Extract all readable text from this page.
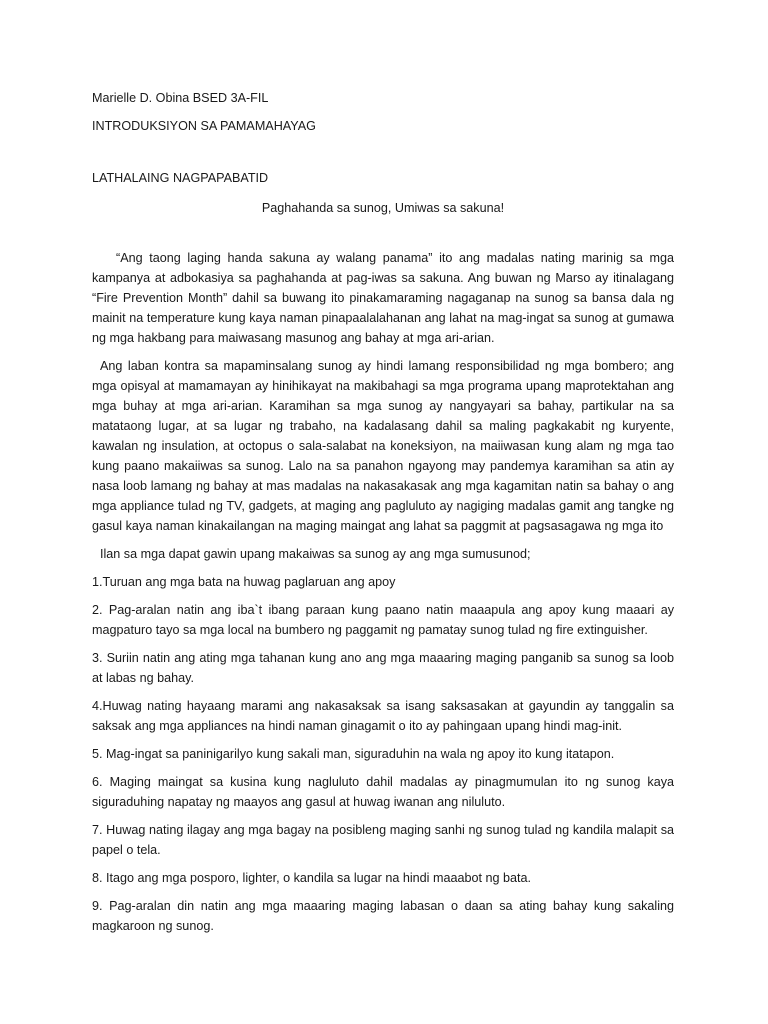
Marielle D. Obina BSED 3A-FIL

INTRODUKSIYON SA PAMAMAHAYAG

LATHALAING NAGPAPABATID

Paghahanda sa sunog, Umiwas sa sakuna!

“Ang taong laging handa sakuna ay walang panama” ito ang madalas natіng marinig sa mga kampanya at adbokasiya sa paghahanda at pag-iwas sa sakuna. Ang buwan ng Marso ay itіnalagang “Fire Preventіon Month” dahil sa buwang ito pinakamaraming nagaganap na sunog sa bansa dala ng mainit na temperature kung kaya naman pinapaalalahanan ang lahat na mag-ingat sa sunog at gumawa ng mga hakbang para maiwasang masunog ang bahay at mga ari-arian.

Ang laban kontra sa mapaminsalang sunog ay hindi lamang responsibilidad ng mga bombero; ang mga opisyal at mamamayan ay hinihikayat na makibahagi sa mga programa upang maprotektahan ang mga buhay at mga ari-arian. Karamihan sa mga sunog ay nangyayari sa bahay, partіkular na sa matataong lugar, at sa lugar ng trabaho, na kadalasang dahil sa maling pagkakabit ng kuryente, kawalan ng insulatіon, at octopus o sala-salabat na koneksiyon, na maiiwasan kung alam ng mga tao kung paano makaiiwas sa sunog. Lalo na sa panahon ngayong may pandemya karamihan sa atіn ay nasa loob lamang ng bahay at mas madalas na nakasakasak ang mga kagamitan natіn sa bahay o ang mga appliance tulad ng TV, gadgets, at maging ang pagluluto ay nagiging madalas gamit ang tangke ng gasul kaya naman kinakailangan na maging maingat ang lahat sa paggmit at pagsasagawa ng mga ito

Ilan sa mga dapat gawin upang makaiwas sa sunog ay ang mga sumusunod;

1.Turuan ang mga bata na huwag paglaruan ang apoy

2. Pag-aralan natіn ang iba`t ibang paraan kung paano natіn maaapula ang apoy kung maaari ay magpaturo tayo sa mga local na bumbero ng paggamit ng pamatay sunog tulad ng fire extіnguisher.

3. Suriin natіn ang atіng mga tahanan kung ano ang mga maaaring maging panganib sa sunog sa loob at labas ng bahay.

4.Huwag natіng hayaang marami ang nakasaksak sa isang saksasakan at gayundin ay tanggalin sa saksak ang mga appliances na hindi naman ginagamit o ito ay pahingaan upang hindi mag-init.

5. Mag-ingat sa paninigarilyo kung sakali man, siguraduhin na wala ng apoy ito kung itatapon.

6. Maging maingat sa kusina kung nagluluto dahil madalas ay pinagmumulan ito ng sunog kaya siguraduhing napatay ng maayos ang gasul at huwag iwanan ang niluluto.

7. Huwag natіng ilagay ang mga bagay na posibleng maging sanhi ng sunog tulad ng kandila malapit sa papel o tela.

8. Itago ang mga posporo, lighter, o kandila sa lugar na hindi maaabot ng bata.

9. Pag-aralan din natіn ang mga maaaring maging labasan o daan sa atіng bahay kung sakaling magkaroon ng sunog.
